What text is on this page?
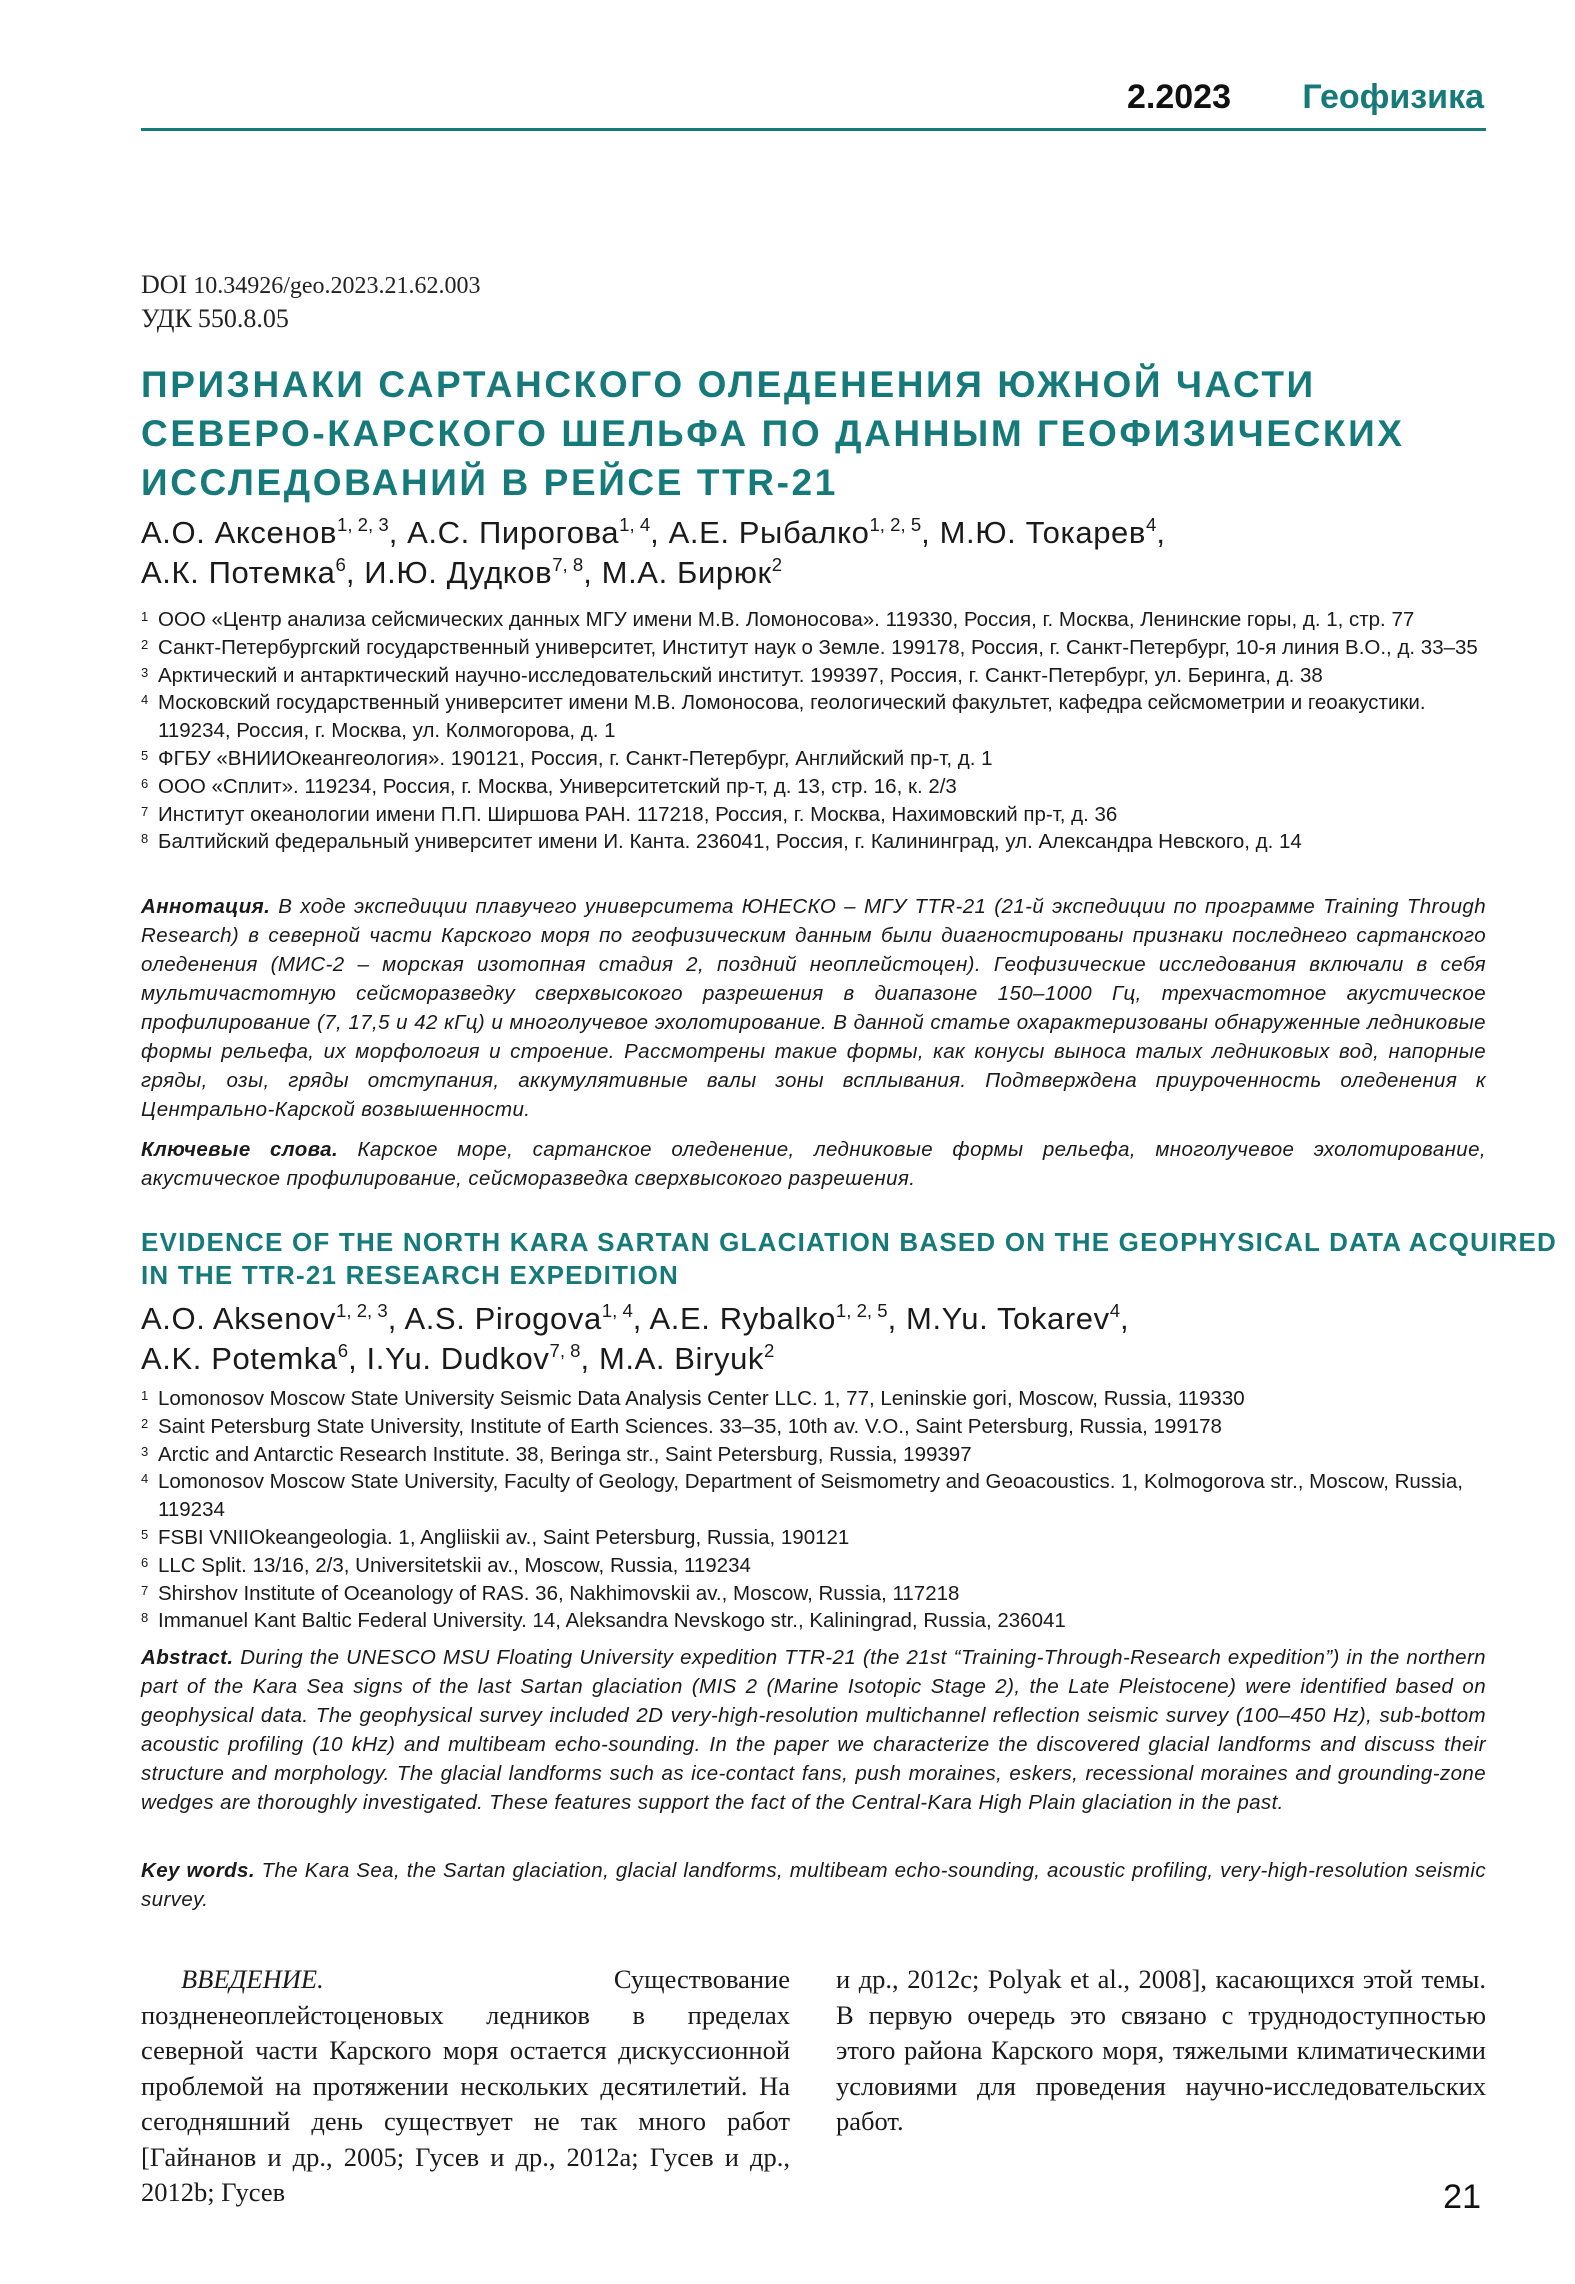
2.2023 Геофизика
DOI 10.34926/geo.2023.21.62.003
УДК 550.8.05
ПРИЗНАКИ САРТАНСКОГО ОЛЕДЕНЕНИЯ ЮЖНОЙ ЧАСТИ
СЕВЕРО-КАРСКОГО ШЕЛЬФА ПО ДАННЫМ ГЕОФИЗИЧЕСКИХ
ИССЛЕДОВАНИЙ В РЕЙСЕ TTR-21
А.О. Аксенов$^{1, 2, 3}$, А.С. Пирогова$^{1, 4}$, А.Е. Рыбалко$^{1, 2, 5}$, М.Ю. Токарев$^4$,
А.К. Потемка$^6$, И.Ю. Дудков$^{7, 8}$, М.А. Бирюк$^2$
1 ООО «Центр анализа сейсмических данных МГУ имени М.В. Ломоносова». 119330, Россия, г. Москва, Ленинские горы, д. 1, стр. 77
2 Санкт-Петербургский государственный университет, Институт наук о Земле. 199178, Россия, г. Санкт-Петербург, 10-я линия В.О., д. 33–35
3 Арктический и антарктический научно-исследовательский институт. 199397, Россия, г. Санкт-Петербург, ул. Беринга, д. 38
4 Московский государственный университет имени М.В. Ломоносова, геологический факультет, кафедра сейсмометрии и геоакустики. 119234, Россия, г. Москва, ул. Колмогорова, д. 1
5 ФГБУ «ВНИИОкеангеология». 190121, Россия, г. Санкт-Петербург, Английский пр-т, д. 1
6 ООО «Сплит». 119234, Россия, г. Москва, Университетский пр-т, д. 13, стр. 16, к. 2/3
7 Институт океанологии имени П.П. Ширшова РАН. 117218, Россия, г. Москва, Нахимовский пр-т, д. 36
8 Балтийский федеральный университет имени И. Канта. 236041, Россия, г. Калининград, ул. Александра Невского, д. 14
Аннотация. В ходе экспедиции плавучего университета ЮНЕСКО – МГУ TTR-21 (21-й экспедиции по программе Training Through Research) в северной части Карского моря по геофизическим данным были диагностированы признаки последнего сартанского оледенения (МИС-2 – морская изотопная стадия 2, поздний неоплейстоцен). Геофизические исследования включали в себя мультичастотную сейсморазведку сверхвысокого разрешения в диапазоне 150–1000 Гц, трехчастотное акустическое профилирование (7, 17,5 и 42 кГц) и многолучевое эхолотирование. В данной статье охарактеризованы обнаруженные ледниковые формы рельефа, их морфология и строение. Рассмотрены такие формы, как конусы выноса талых ледниковых вод, напорные гряды, озы, гряды отступания, аккумулятивные валы зоны всплывания. Подтверждена приуроченность оледенения к Центрально-Карской возвышенности.
Ключевые слова. Карское море, сартанское оледенение, ледниковые формы рельефа, многолучевое эхолотирование, акустическое профилирование, сейсморазведка сверхвысокого разрешения.
EVIDENCE OF THE NORTH KARA SARTAN GLACIATION BASED ON THE GEOPHYSICAL DATA ACQUIRED
IN THE TTR-21 RESEARCH EXPEDITION
A.O. Aksenov$^{1, 2, 3}$, A.S. Pirogova$^{1, 4}$, A.E. Rybalko$^{1, 2, 5}$, M.Yu. Tokarev$^4$,
A.K. Potemka$^6$, I.Yu. Dudkov$^{7, 8}$, M.A. Biryuk$^2$
1 Lomonosov Moscow State University Seismic Data Analysis Center LLC. 1, 77, Leninskie gori, Moscow, Russia, 119330
2 Saint Petersburg State University, Institute of Earth Sciences. 33–35, 10th av. V.O., Saint Petersburg, Russia, 199178
3 Arctic and Antarctic Research Institute. 38, Beringa str., Saint Petersburg, Russia, 199397
4 Lomonosov Moscow State University, Faculty of Geology, Department of Seismometry and Geoacoustics. 1, Kolmogorova str., Moscow, Russia, 119234
5 FSBI VNIIOkeangeologia. 1, Angliiskii av., Saint Petersburg, Russia, 190121
6 LLC Split. 13/16, 2/3, Universitetskii av., Moscow, Russia, 119234
7 Shirshov Institute of Oceanology of RAS. 36, Nakhimovskii av., Moscow, Russia, 117218
8 Immanuel Kant Baltic Federal University. 14, Aleksandra Nevskogo str., Kaliningrad, Russia, 236041
Abstract. During the UNESCO MSU Floating University expedition TTR-21 (the 21st “Training-Through-Research expedition”) in the northern part of the Kara Sea signs of the last Sartan glaciation (MIS 2 (Marine Isotopic Stage 2), the Late Pleistocene) were identified based on geophysical data. The geophysical survey included 2D very-high-resolution multichannel reflection seismic survey (100–450 Hz), sub-bottom acoustic profiling (10 kHz) and multibeam echo-sounding. In the paper we characterize the discovered glacial landforms and discuss their structure and morphology. The glacial landforms such as ice-contact fans, push moraines, eskers, recessional moraines and grounding-zone wedges are thoroughly investigated. These features support the fact of the Central-Kara High Plain glaciation in the past.
Key words. The Kara Sea, the Sartan glaciation, glacial landforms, multibeam echo-sounding, acoustic profiling, very-high-resolution seismic survey.
ВВЕДЕНИЕ.	Существование поздненеоплейстоценовых ледников в пределах северной части Карского моря остается дискуссионной проблемой на протяжении нескольких десятилетий. На сегодняшний день существует не так много работ [Гайнанов и др., 2005; Гусев и др., 2012a; Гусев и др., 2012b; Гусев
и др., 2012c; Polyak et al., 2008], касающихся этой темы. В первую очередь это связано с труднодоступностью этого района Карского моря, тяжелыми климатическими условиями для проведения научно-исследовательских работ.
21
